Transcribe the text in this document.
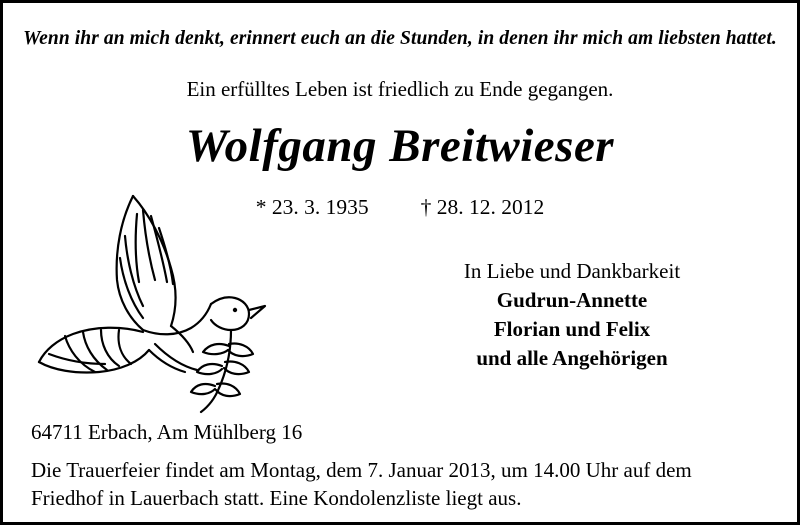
Wenn ihr an mich denkt, erinnert euch an die Stunden, in denen ihr mich am liebsten hattet.
Ein erfülltes Leben ist friedlich zu Ende gegangen.
Wolfgang Breitwieser
* 23. 3. 1935 † 28. 12. 2012
In Liebe und Dankbarkeit
Gudrun-Annette
Florian und Felix
und alle Angehörigen
64711 Erbach, Am Mühlberg 16
Die Trauerfeier findet am Montag, dem 7. Januar 2013, um 14.00 Uhr auf dem
Friedhof in Lauerbach statt. Eine Kondolenzliste liegt aus.
